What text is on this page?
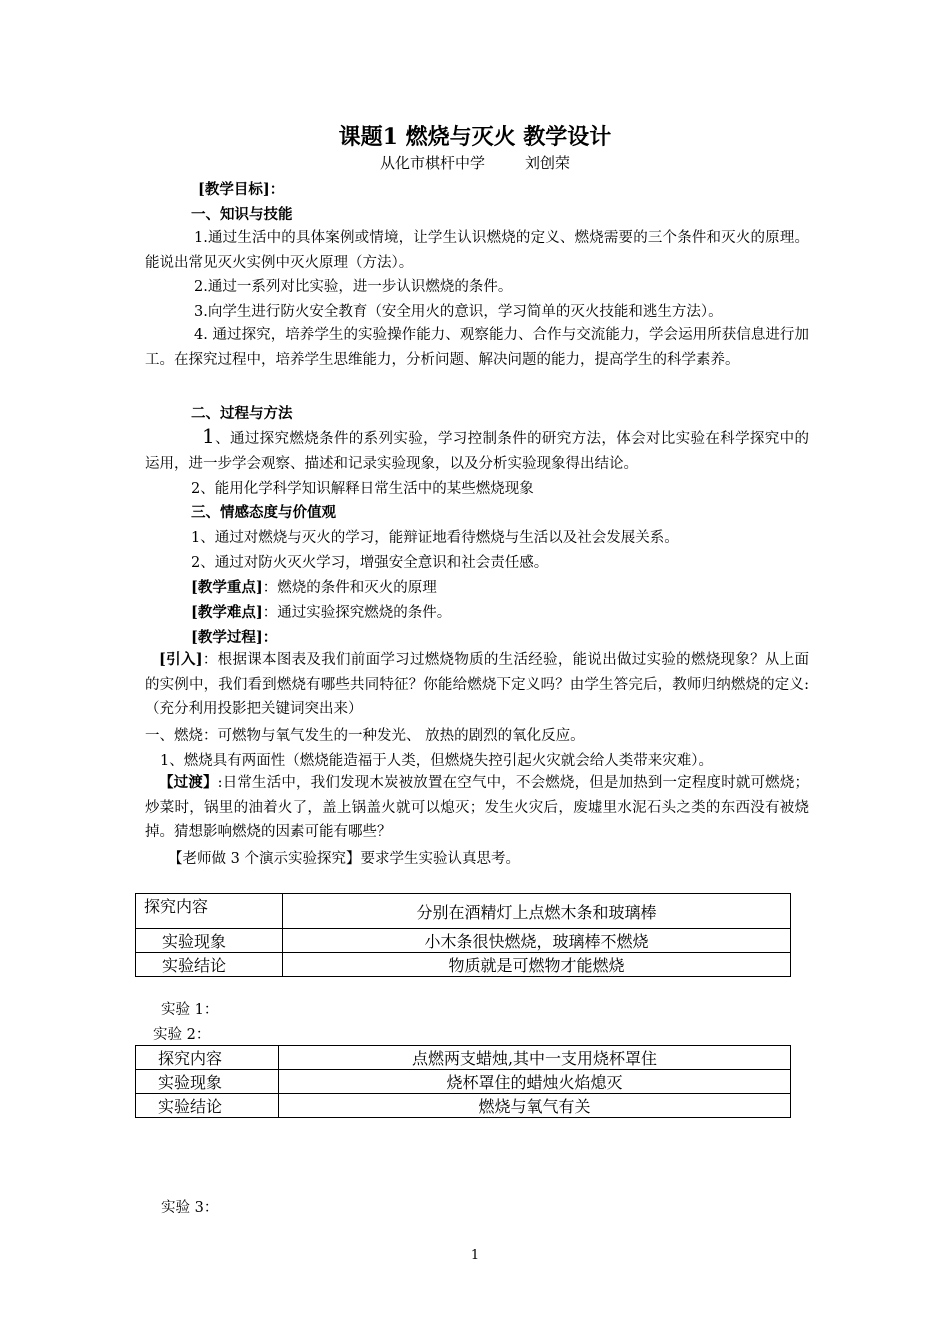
课题1 燃烧与灭火 教学设计
从化市棋杆中学	刘创荣
[教学目标]：
一、知识与技能
1.通过生活中的具体案例或情境，让学生认识燃烧的定义、燃烧需要的三个条件和灭火的原理。能说出常见灭火实例中灭火原理（方法）。
2.通过一系列对比实验，进一步认识燃烧的条件。
3.向学生进行防火安全教育（安全用火的意识，学习简单的灭火技能和逃生方法）。
4. 通过探究，培养学生的实验操作能力、观察能力、合作与交流能力，学会运用所获信息进行加工。在探究过程中，培养学生思维能力，分析问题、解决问题的能力，提高学生的科学素养。
二、过程与方法
1、通过探究燃烧条件的系列实验，学习控制条件的研究方法，体会对比实验在科学探究中的运用，进一步学会观察、描述和记录实验现象，以及分析实验现象得出结论。
2、能用化学科学知识解释日常生活中的某些燃烧现象
三、情感态度与价值观
1、通过对燃烧与灭火的学习，能辩证地看待燃烧与生活以及社会发展关系。
2、通过对防火灭火学习，增强安全意识和社会责任感。
[教学重点]：燃烧的条件和灭火的原理
[教学难点]：通过实验探究燃烧的条件。
[教学过程]：
[引入]：根据课本图表及我们前面学习过燃烧物质的生活经验，能说出做过实验的燃烧现象？从上面的实例中，我们看到燃烧有哪些共同特征？你能给燃烧下定义吗？由学生答完后，教师归纳燃烧的定义:（充分利用投影把关键词突出来）
一、燃烧：可燃物与氧气发生的一种发光、 放热的剧烈的氧化反应。
1、燃烧具有两面性（燃烧能造福于人类，但燃烧失控引起火灾就会给人类带来灾难）。
【过渡】:日常生活中，我们发现木炭被放置在空气中，不会燃烧，但是加热到一定程度时就可燃烧；炒菜时，锅里的油着火了，盖上锅盖火就可以熄灭；发生火灾后，废墟里水泥石头之类的东西没有被烧掉。猜想影响燃烧的因素可能有哪些？
【老师做 3 个演示实验探究】要求学生实验认真思考。
探究内容	分别在酒精灯上点燃木条和玻璃棒
实验现象	小木条很快燃烧，玻璃棒不燃烧
实验结论	物质就是可燃物才能燃烧
实验 1：
实验 2：
探究内容	点燃两支蜡烛,其中一支用烧杯罩住
实验现象	烧杯罩住的蜡烛火焰熄灭
实验结论	燃烧与氧气有关
实验 3：
1
